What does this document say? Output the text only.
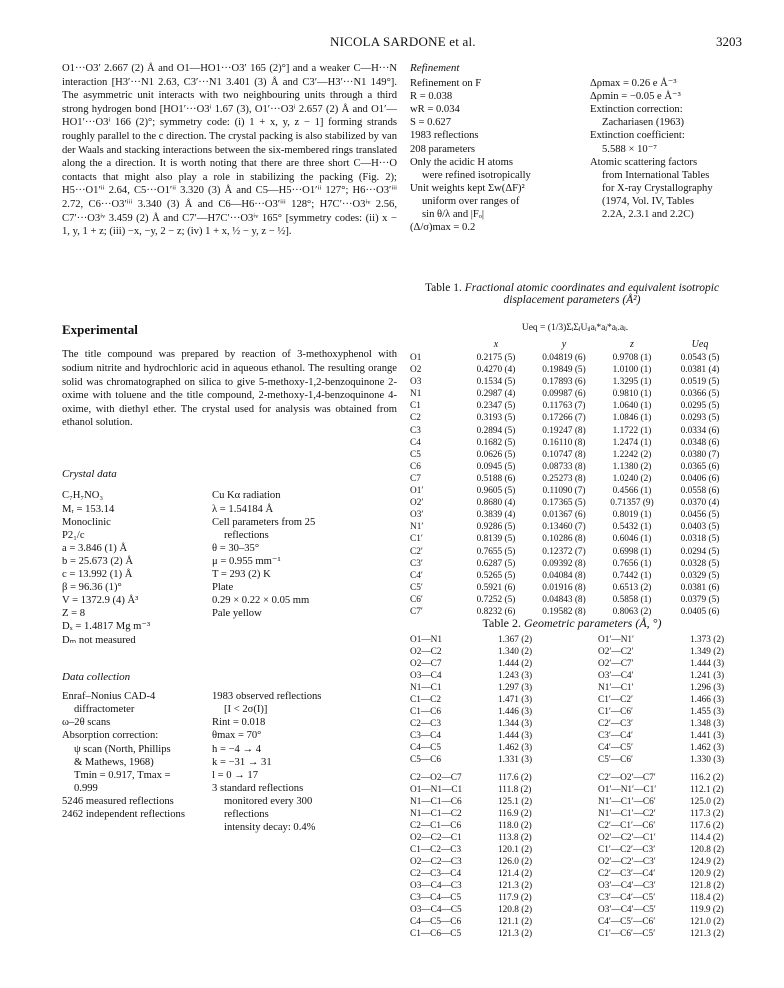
NICOLA SARDONE et al.	3203

O1···O3′ 2.667 (2) Å and O1—HO1···O3′ 165 (2)°] and a weaker C—H···N interaction [H3′···N1 2.63, C3′···N1 3.401 (3) Å and C3′—H3′···N1 149°]. The asymmetric unit interacts with two neighbouring units through a third strong hydrogen bond [HO1′···O3ⁱ 1.67 (3), O1′···O3ⁱ 2.657 (2) Å and O1′—HO1′···O3ⁱ 166 (2)°; symmetry code: (i) 1 + x, y, z − 1] forming strands roughly parallel to the c direction. The crystal packing is also stabilized by van der Waals and stacking interactions between the six-membered rings translated along the a direction. It is worth noting that there are three short C—H···O contacts that might also play a role in stabilizing the packing (Fig. 2); H5···O1′ⁱⁱ 2.64, C5···O1′ⁱⁱ 3.320 (3) Å and C5—H5···O1′ⁱⁱ 127°; H6···O3′ⁱⁱⁱ 2.72, C6···O3′ⁱⁱⁱ 3.340 (3) Å and C6—H6···O3′ⁱⁱⁱ 128°; H7C′···O3ⁱᵛ 2.56, C7′···O3ⁱᵛ 3.459 (2) Å and C7′—H7C′···O3ⁱᵛ 165° [symmetry codes: (ii) x − 1, y, 1 + z; (iii) −x, −y, 2 − z; (iv) 1 + x, ½ − y, z − ½].

Experimental

The title compound was prepared by reaction of 3-methoxyphenol with sodium nitrite and hydrochloric acid in aqueous ethanol. The resulting orange solid was chromatographed on silica to give 5-methoxy-1,2-benzoquinone 2-oxime with toluene and the title compound, 2-methoxy-1,4-benzoquinone 4-oxime, with diethyl ether. The crystal used for analysis was obtained from ethanol solution.

Crystal data

C₇H₇NO₃
Mᵣ = 153.14
Monoclinic
P2₁/c
a = 3.846 (1) Å
b = 25.673 (2) Å
c = 13.992 (1) Å
β = 96.36 (1)°
V = 1372.9 (4) Å³
Z = 8
Dₓ = 1.4817 Mg m⁻³
Dₘ not measured
Cu Kα radiation
λ = 1.54184 Å
Cell parameters from 25
reflections
θ = 30–35°
μ = 0.955 mm⁻¹
T = 293 (2) K
Plate
0.29 × 0.22 × 0.05 mm
Pale yellow

Data collection

Enraf–Nonius CAD-4
diffractometer
ω–2θ scans
Absorption correction:
ψ scan (North, Phillips
& Mathews, 1968)
Tmin = 0.917, Tmax =
0.999
5246 measured reflections
2462 independent reflections
1983 observed reflections
[I < 2σ(I)]
Rint = 0.018
θmax = 70°
h = −4 → 4
k = −31 → 31
l = 0 → 17
3 standard reflections
monitored every 300
reflections
intensity decay: 0.4%
Refinement
Refinement on F
R = 0.038
wR = 0.034
S = 0.627
1983 reflections
208 parameters
Only the acidic H atoms
were refined isotropically
Unit weights kept Σw(ΔF)²
uniform over ranges of
sin θ/λ and |Fₒ|
(Δ/σ)max = 0.2
Δρmax = 0.26 e Å⁻³
Δρmin = −0.05 e Å⁻³
Extinction correction:
Zachariasen (1963)
Extinction coefficient:
5.588 × 10⁻⁷
Atomic scattering factors
from International Tables
for X-ray Crystallography
(1974, Vol. IV, Tables
2.2A, 2.3.1 and 2.2C)
Table 1. Fractional atomic coordinates and equivalent isotropic displacement parameters (Å²)
Ueq = (1/3)ΣᵢΣⱼUᵢⱼaᵢ*aⱼ*aᵢ.aⱼ.
	x	y	z	Ueq
O1	0.2175 (5)	0.04819 (6)	0.9708 (1)	0.0543 (5)
O2	0.4270 (4)	0.19849 (5)	1.0100 (1)	0.0381 (4)
O3	0.1534 (5)	0.17893 (6)	1.3295 (1)	0.0519 (5)
N1	0.2987 (4)	0.09987 (6)	0.9810 (1)	0.0366 (5)
C1	0.2347 (5)	0.11763 (7)	1.0640 (1)	0.0295 (5)
C2	0.3193 (5)	0.17266 (7)	1.0846 (1)	0.0293 (5)
C3	0.2894 (5)	0.19247 (8)	1.1722 (1)	0.0334 (6)
C4	0.1682 (5)	0.16110 (8)	1.2474 (1)	0.0348 (6)
C5	0.0626 (5)	0.10747 (8)	1.2242 (2)	0.0380 (7)
C6	0.0945 (5)	0.08733 (8)	1.1380 (2)	0.0365 (6)
C7	0.5188 (6)	0.25273 (8)	1.0240 (2)	0.0406 (6)
O1′	0.9605 (5)	0.11090 (7)	0.4566 (1)	0.0558 (6)
O2′	0.8680 (4)	0.17365 (5)	0.71357 (9)	0.0370 (4)
O3′	0.3839 (4)	0.01367 (6)	0.8019 (1)	0.0456 (5)
N1′	0.9286 (5)	0.13460 (7)	0.5432 (1)	0.0403 (5)
C1′	0.8139 (5)	0.10286 (8)	0.6046 (1)	0.0318 (5)
C2′	0.7655 (5)	0.12372 (7)	0.6998 (1)	0.0294 (5)
C3′	0.6287 (5)	0.09392 (8)	0.7656 (1)	0.0328 (5)
C4′	0.5265 (5)	0.04084 (8)	0.7442 (1)	0.0329 (5)
C5′	0.5921 (6)	0.01916 (8)	0.6513 (2)	0.0381 (6)
C6′	0.7252 (5)	0.04843 (8)	0.5858 (1)	0.0379 (5)
C7′	0.8232 (6)	0.19582 (8)	0.8063 (2)	0.0405 (6)
Table 2. Geometric parameters (Å, °)
O1—N1	1.367 (2)	O1′—N1′	1.373 (2)
O2—C2	1.340 (2)	O2′—C2′	1.349 (2)
O2—C7	1.444 (2)	O2′—C7′	1.444 (3)
O3—C4	1.243 (3)	O3′—C4′	1.241 (3)
N1—C1	1.297 (3)	N1′—C1′	1.296 (3)
C1—C2	1.471 (3)	C1′—C2′	1.466 (3)
C1—C6	1.446 (3)	C1′—C6′	1.455 (3)
C2—C3	1.344 (3)	C2′—C3′	1.348 (3)
C3—C4	1.444 (3)	C3′—C4′	1.441 (3)
C4—C5	1.462 (3)	C4′—C5′	1.462 (3)
C5—C6	1.331 (3)	C5′—C6′	1.330 (3)

C2—O2—C7	117.6 (2)	C2′—O2′—C7′	116.2 (2)
O1—N1—C1	111.8 (2)	O1′—N1′—C1′	112.1 (2)
N1—C1—C6	125.1 (2)	N1′—C1′—C6′	125.0 (2)
N1—C1—C2	116.9 (2)	N1′—C1′—C2′	117.3 (2)
C2—C1—C6	118.0 (2)	C2′—C1′—C6′	117.6 (2)
O2—C2—C1	113.8 (2)	O2′—C2′—C1′	114.4 (2)
C1—C2—C3	120.1 (2)	C1′—C2′—C3′	120.8 (2)
O2—C2—C3	126.0 (2)	O2′—C2′—C3′	124.9 (2)
C2—C3—C4	121.4 (2)	C2′—C3′—C4′	120.9 (2)
O3—C4—C3	121.3 (2)	O3′—C4′—C3′	121.8 (2)
C3—C4—C5	117.9 (2)	C3′—C4′—C5′	118.4 (2)
O3—C4—C5	120.8 (2)	O3′—C4′—C5′	119.9 (2)
C4—C5—C6	121.1 (2)	C4′—C5′—C6′	121.0 (2)
C1—C6—C5	121.3 (2)	C1′—C6′—C5′	121.3 (2)
